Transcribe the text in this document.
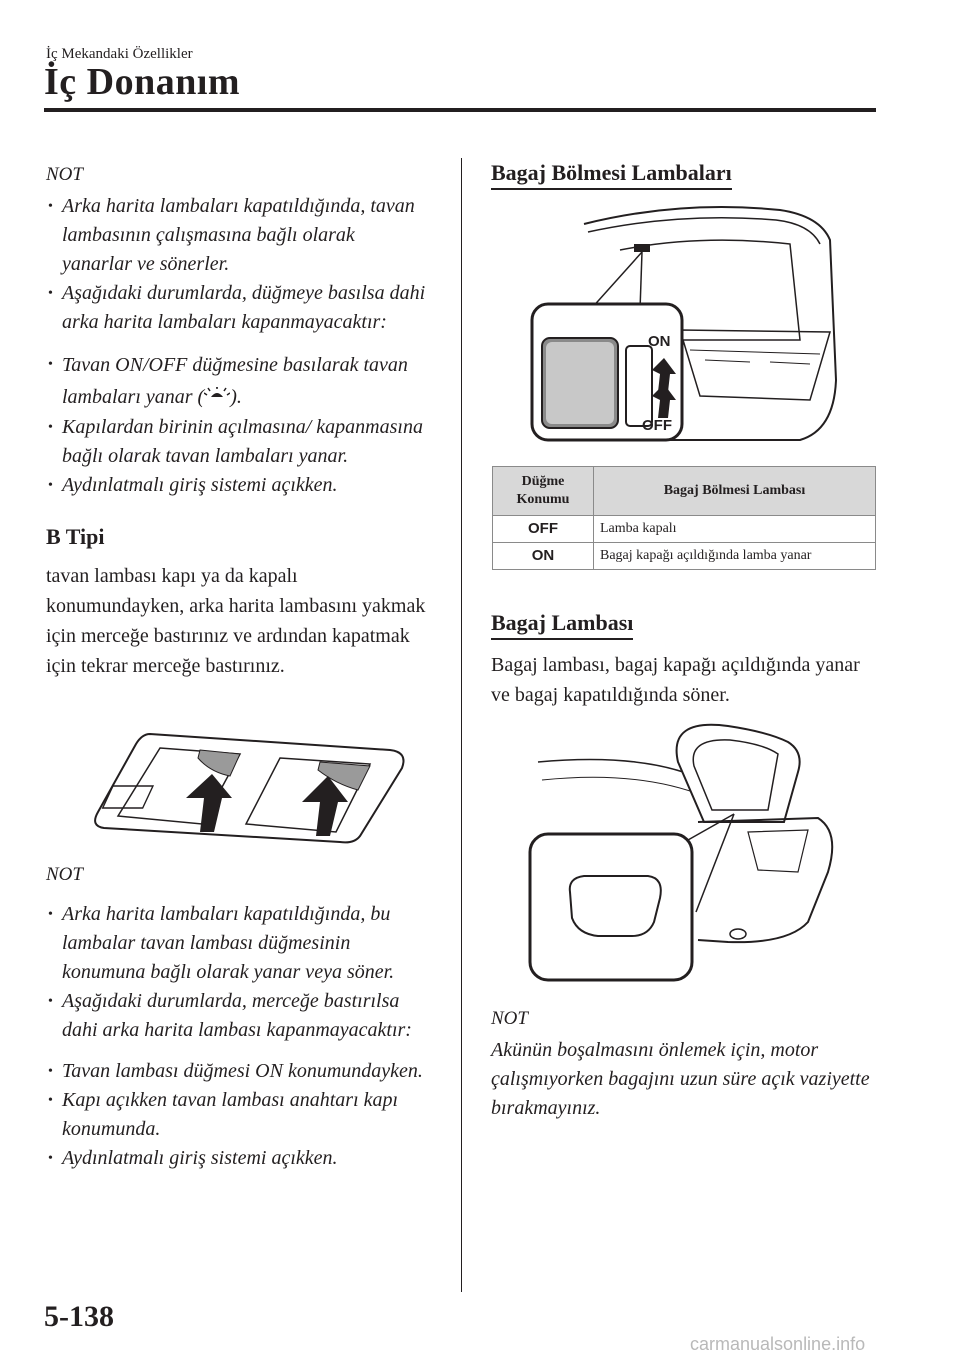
İç Mekandaki Özellikler
İç Donanım

NOT

• Arka harita lambaları kapatıldığında, tavan lambasının çalışmasına bağlı olarak yanarlar ve sönerler.

• Aşağıdaki durumlarda, düğmeye basılsa dahi arka harita lambaları kapanmayacaktır:

• Tavan ON/OFF düğmesine basılarak tavan lambaları yanar ( ).

• Kapılardan birinin açılmasına/ kapanmasına bağlı olarak tavan lambaları yanar.

• Aydınlatmalı giriş sistemi açıkken.

B Tipi

tavan lambası kapı ya da kapalı konumundayken, arka harita lambasını yakmak için merceğe bastırınız ve ardından kapatmak için tekrar merceğe bastırınız.

NOT

• Arka harita lambaları kapatıldığında, bu lambalar tavan lambası düğmesinin konumuna bağlı olarak yanar veya söner.

• Aşağıdaki durumlarda, merceğe bastırılsa dahi arka harita lambası kapanmayacaktır:

• Tavan lambası düğmesi ON konumundayken.

• Kapı açıkken tavan lambası anahtarı kapı konumunda.

• Aydınlatmalı giriş sistemi açıkken.

Bagaj Bölmesi Lambaları
ON
OFF
Düğme Konumu	Bagaj Bölmesi Lambası
OFF	Lamba kapalı
ON	Bagaj kapağı açıldığında lamba yanar
Bagaj Lambası

Bagaj lambası, bagaj kapağı açıldığında yanar ve bagaj kapatıldığında söner.

NOT

Akünün boşalmasını önlemek için, motor çalışmıyorken bagajını uzun süre açık vaziyette bırakmayınız.

5-138
carmanualsonline.info
